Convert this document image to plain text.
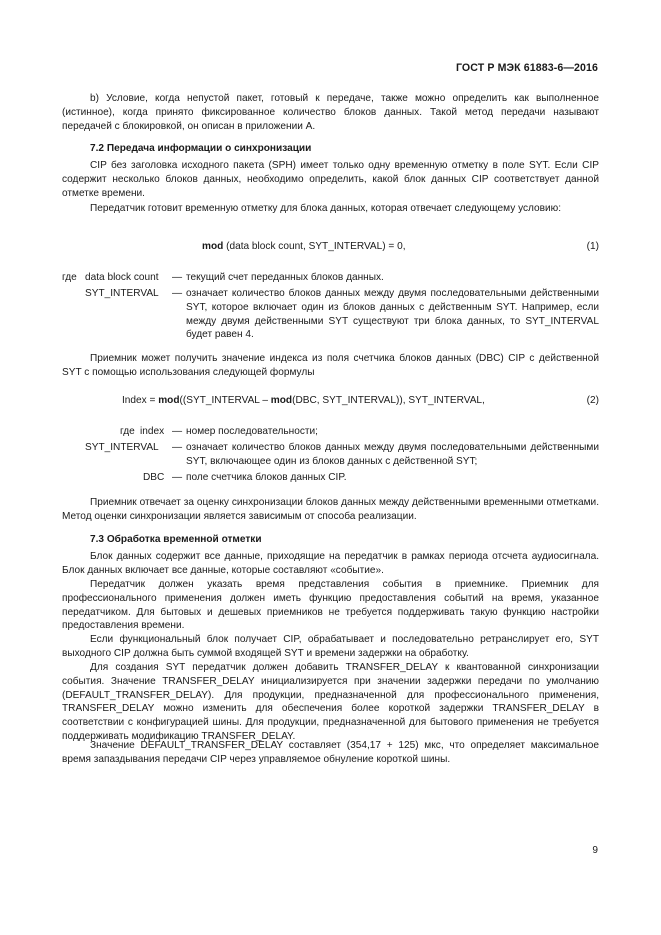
ГОСТ Р МЭК 61883-6—2016

b) Условие, когда непустой пакет, готовый к передаче, также можно определить как выполненное (истинное), когда принято фиксированное количество блоков данных. Такой метод передачи называют передачей с блокировкой, он описан в приложении А.

7.2 Передача информации о синхронизации

CIP без заголовка исходного пакета (SPH) имеет только одну временную отметку в поле SYT. Если CIP содержит несколько блоков данных, необходимо определить, какой блок данных CIP соответствует данной отметке времени.

Передатчик готовит временную отметку для блока данных, которая отвечает следующему условию:

mod (data block count, SYT_INTERVAL) = 0,	(1)
где data block count — текущий счет переданных блоков данных.
SYT_INTERVAL — означает количество блоков данных между двумя последовательными действенными SYT, которое включает один из блоков данных с действенным SYT. Например, если между двумя действенными SYT существуют три блока данных, то SYT_INTERVAL будет равен 4.

Приемник может получить значение индекса из поля счетчика блоков данных (DBC) CIP с действенной SYT с помощью использования следующей формулы

Index = mod((SYT_INTERVAL – mod(DBC, SYT_INTERVAL)), SYT_INTERVAL,	(2)
где index — номер последовательности;
SYT_INTERVAL — означает количество блоков данных между двумя последовательными действенными SYT, включающее один из блоков данных с действенной SYT;
DBC — поле счетчика блоков данных CIP.

Приемник отвечает за оценку синхронизации блоков данных между действенными временными отметками. Метод оценки синхронизации является зависимым от способа реализации.

7.3 Обработка временной отметки

Блок данных содержит все данные, приходящие на передатчик в рамках периода отсчета аудиосигнала. Блок данных включает все данные, которые составляют «событие».

Передатчик должен указать время представления события в приемнике. Приемник для профессионального применения должен иметь функцию предоставления событий на время, указанное передатчиком. Для бытовых и дешевых приемников не требуется поддерживать такую функцию настройки предоставления времени.

Если функциональный блок получает CIP, обрабатывает и последовательно ретранслирует его, SYT выходного CIP должна быть суммой входящей SYT и времени задержки на обработку.

Для создания SYT передатчик должен добавить TRANSFER_DELAY к квантованной синхронизации события. Значение TRANSFER_DELAY инициализируется при значении задержки передачи по умолчанию (DEFAULT_TRANSFER_DELAY). Для продукции, предназначенной для профессионального применения, TRANSFER_DELAY можно изменить для обеспечения более короткой задержки TRANSFER_DELAY в соответствии с конфигурацией шины. Для продукции, предназначенной для бытового применения не требуется поддерживать модификацию TRANSFER_DELAY.

Значение DEFAULT_TRANSFER_DELAY составляет (354,17 + 125) мкс, что определяет максимальное время запаздывания передачи CIP через управляемое обнуление короткой шины.

9
